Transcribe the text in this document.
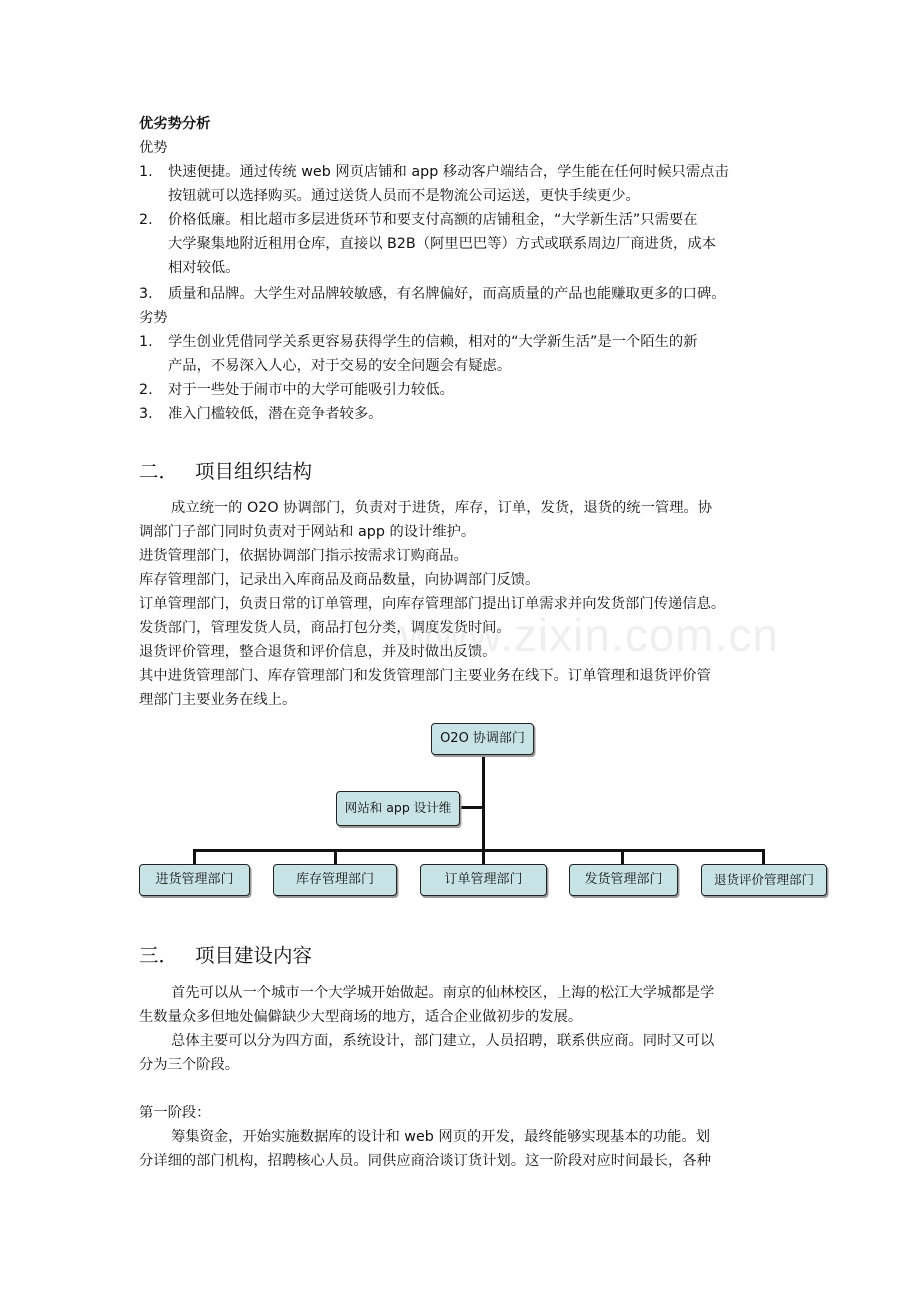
优劣势分析
优势
1.	快速便捷。通过传统 web 网页店铺和 app 移动客户端结合，学生能在任何时候只需点击
按钮就可以选择购买。通过送货人员而不是物流公司运送，更快手续更少。
2.	价格低廉。相比超市多层进货环节和要支付高额的店铺租金，“大学新生活”只需要在
大学聚集地附近租用仓库，直接以 B2B（阿里巴巴等）方式或联系周边厂商进货，成本
相对较低。
3.	质量和品牌。大学生对品牌较敏感，有名牌偏好，而高质量的产品也能赚取更多的口碑。
劣势
1.	学生创业凭借同学关系更容易获得学生的信赖，相对的“大学新生活”是一个陌生的新
产品，不易深入人心，对于交易的安全问题会有疑虑。
2.	对于一些处于闹市中的大学可能吸引力较低。
3.	准入门槛较低，潜在竞争者较多。
二． 项目组织结构
成立统一的 O2O 协调部门，负责对于进货，库存，订单，发货，退货的统一管理。协
调部门子部门同时负责对于网站和 app 的设计维护。
进货管理部门，依据协调部门指示按需求订购商品。
库存管理部门，记录出入库商品及商品数量，向协调部门反馈。
订单管理部门，负责日常的订单管理，向库存管理部门提出订单需求并向发货部门传递信息。
发货部门，管理发货人员，商品打包分类，调度发货时间。
退货评价管理，整合退货和评价信息，并及时做出反馈。
其中进货管理部门、库存管理部门和发货管理部门主要业务在线下。订单管理和退货评价管
理部门主要业务在线上。
www.zixin.com.cn
O2O 协调部门
网站和 app 设计维
进货管理部门	库存管理部门	订单管理部门	发货管理部门	退货评价管理部门
三． 项目建设内容
首先可以从一个城市一个大学城开始做起。南京的仙林校区，上海的松江大学城都是学
生数量众多但地处偏僻缺少大型商场的地方，适合企业做初步的发展。
总体主要可以分为四方面，系统设计，部门建立，人员招聘，联系供应商。同时又可以
分为三个阶段。
第一阶段：
筹集资金，开始实施数据库的设计和 web 网页的开发，最终能够实现基本的功能。划
分详细的部门机构，招聘核心人员。同供应商洽谈订货计划。这一阶段对应时间最长，各种
